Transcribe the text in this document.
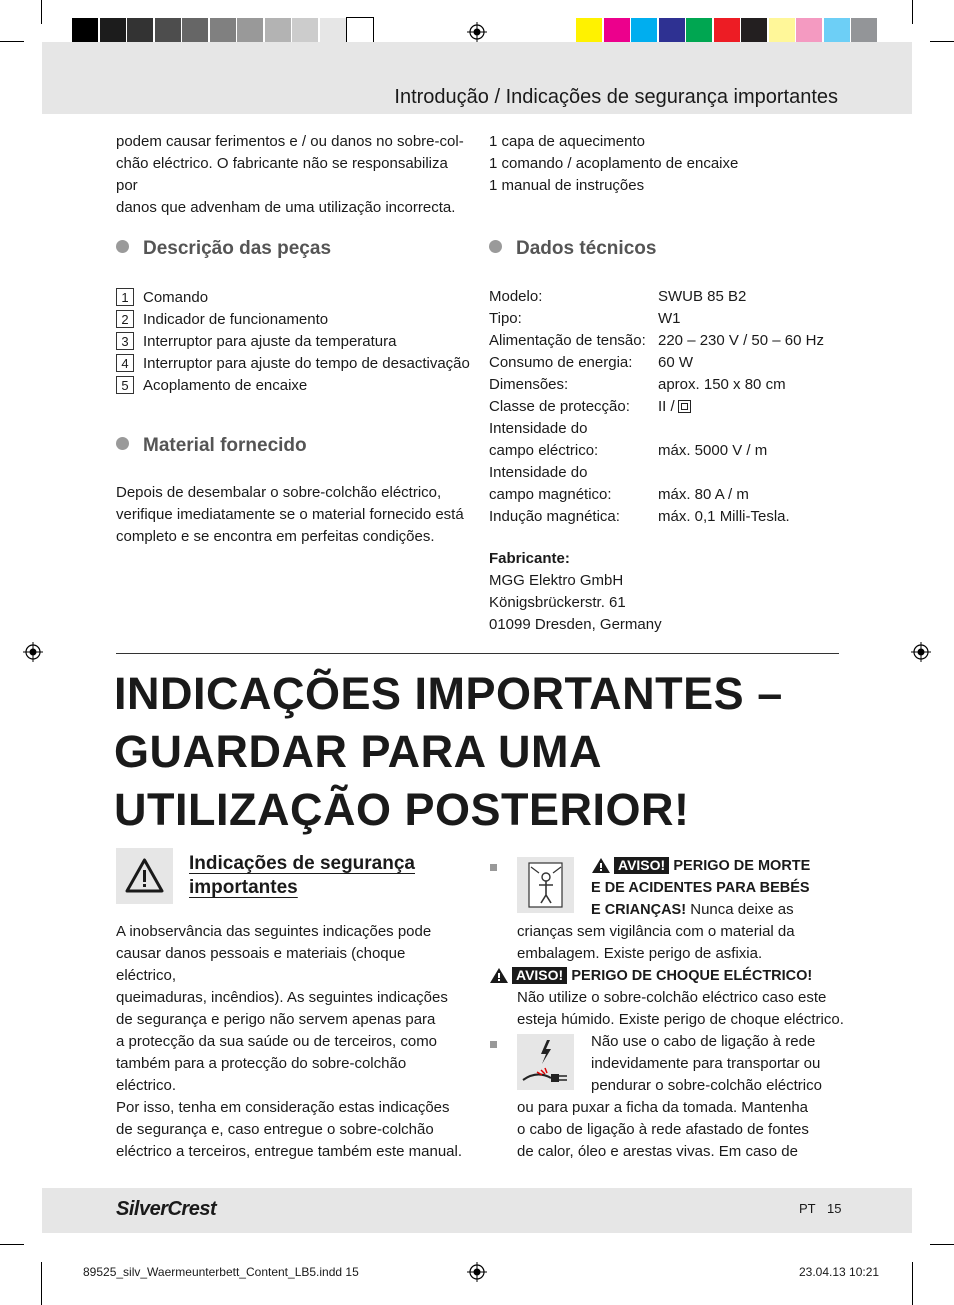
Introdução / Indicações de segurança importantes
podem causar ferimentos e / ou danos no sobre-col-
chão eléctrico. O fabricante não se responsabiliza por
danos que advenham de uma utilização incorrecta.
1 capa de aquecimento
1 comando / acoplamento de encaixe
1 manual de instruções
Descrição das peças	Dados técnicos
1 Comando
2 Indicador de funcionamento
3 Interruptor para ajuste da temperatura
4 Interruptor para ajuste do tempo de desactivação
5 Acoplamento de encaixe
Material fornecido
Depois de desembalar o sobre-colchão eléctrico,
verifique imediatamente se o material fornecido está
completo e se encontra em perfeitas condições.
Modelo:	SWUB 85 B2
Tipo:	W1
Alimentação de tensão: 220 – 230 V / 50 – 60 Hz
Consumo de energia:	60 W
Dimensões:	aprox. 150 x 80 cm
Classe de protecção:	II /
Intensidade do
campo eléctrico:	máx. 5000 V / m
Intensidade do
campo magnético:	máx. 80 A / m
Indução magnética:	máx. 0,1 Milli-Tesla.
Fabricante:
MGG Elektro GmbH
Königsbrückerstr. 61
01099 Dresden, Germany
INDICAÇÕES IMPORTANTES –
GUARDAR PARA UMA
UTILIZAÇÃO POSTERIOR!
Indicações de segurança
importantes
A inobservância das seguintes indicações pode
causar danos pessoais e materiais (choque eléctrico,
queimaduras, incêndios). As seguintes indicações
de segurança e perigo não servem apenas para
a protecção da sua saúde ou de terceiros, como
também para a protecção do sobre-colchão eléctrico.
Por isso, tenha em consideração estas indicações
de segurança e, caso entregue o sobre-colchão
eléctrico a terceiros, entregue também este manual.
AVISO! PERIGO DE MORTE
E DE ACIDENTES PARA BEBÉS
E CRIANÇAS! Nunca deixe as
crianças sem vigilância com o material da
embalagem. Existe perigo de asfixia.
AVISO! PERIGO DE CHOQUE ELÉCTRICO!
Não utilize o sobre-colchão eléctrico caso este
esteja húmido. Existe perigo de choque eléctrico.
Não use o cabo de ligação à rede
indevidamente para transportar ou
pendurar o sobre-colchão eléctrico
ou para puxar a ficha da tomada. Mantenha
o cabo de ligação à rede afastado de fontes
de calor, óleo e arestas vivas. Em caso de
SilverCrest	PT 15
89525_silv_Waermeunterbett_Content_LB5.indd 15	23.04.13 10:21
